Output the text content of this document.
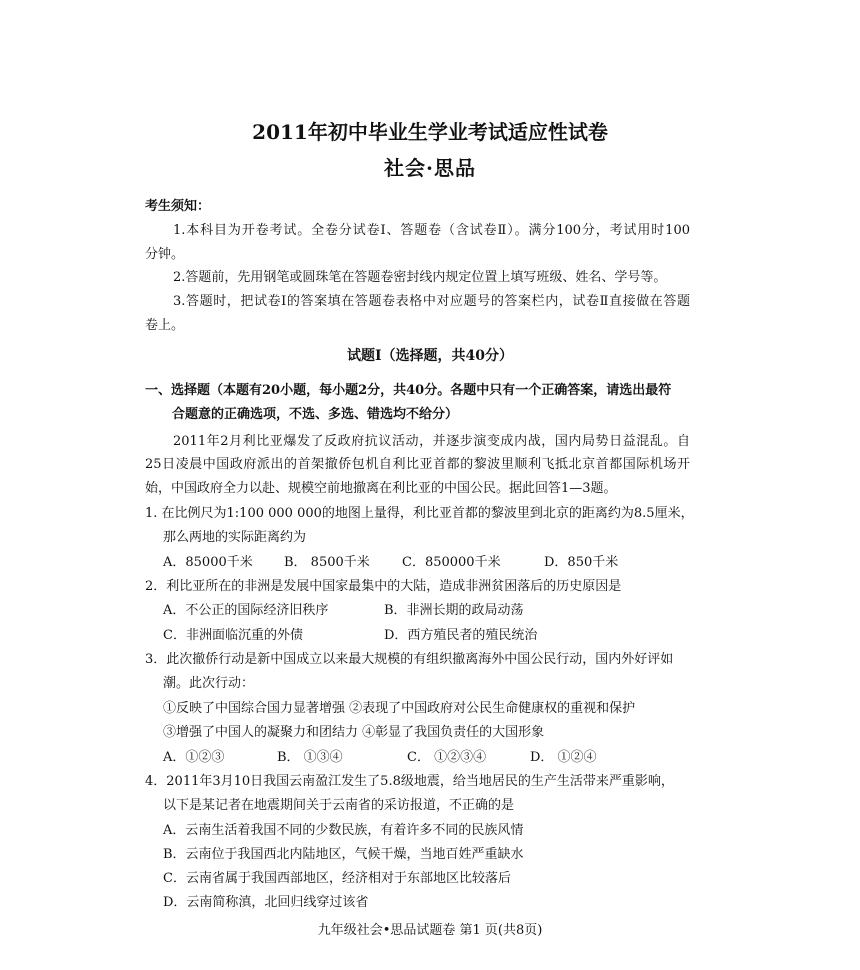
2011年初中毕业生学业考试适应性试卷
社会·思品
考生须知：
1.本科目为开卷考试。全卷分试卷Ⅰ、答题卷（含试卷Ⅱ）。满分100分，考试用时100
分钟。
2.答题前，先用钢笔或圆珠笔在答题卷密封线内规定位置上填写班级、姓名、学号等。
3.答题时，把试卷Ⅰ的答案填在答题卷表格中对应题号的答案栏内，试卷Ⅱ直接做在答题
卷上。
试题Ⅰ（选择题，共40分）
一、选择题（本题有20小题，每小题2分，共40分。各题中只有一个正确答案，请选出最符
合题意的正确选项，不选、多选、错选均不给分）
2011年2月利比亚爆发了反政府抗议活动，并逐步演变成内战，国内局势日益混乱。自
25日凌晨中国政府派出的首架撤侨包机自利比亚首都的黎波里顺利飞抵北京首都国际机场开
始，中国政府全力以赴、规模空前地撤离在利比亚的中国公民。据此回答1—3题。
1. 在比例尺为1:100 000 000的地图上量得，利比亚首都的黎波里到北京的距离约为8.5厘米，
那么两地的实际距离约为
A．85000千米 B． 8500千米 C．850000千米	D．850千米
2．利比亚所在的非洲是发展中国家最集中的大陆，造成非洲贫困落后的历史原因是
A．不公正的国际经济旧秩序	B．非洲长期的政局动荡
C．非洲面临沉重的外债	D．西方殖民者的殖民统治
3．此次撤侨行动是新中国成立以来最大规模的有组织撤离海外中国公民行动，国内外好评如
潮。此次行动：
①反映了中国综合国力显著增强 ②表现了中国政府对公民生命健康权的重视和保护
③增强了中国人的凝聚力和团结力 ④彰显了我国负责任的大国形象
A．①②③	B． ①③④	C． ①②③④	D． ①②④
4．2011年3月10日我国云南盈江发生了5.8级地震，给当地居民的生产生活带来严重影响，
以下是某记者在地震期间关于云南省的采访报道，不正确的是
A．云南生活着我国不同的少数民族，有着许多不同的民族风情
B．云南位于我国西北内陆地区，气候干燥，当地百姓严重缺水
C．云南省属于我国西部地区，经济相对于东部地区比较落后
D．云南简称滇，北回归线穿过该省
九年级社会•思品试题卷 第1 页(共8页)
